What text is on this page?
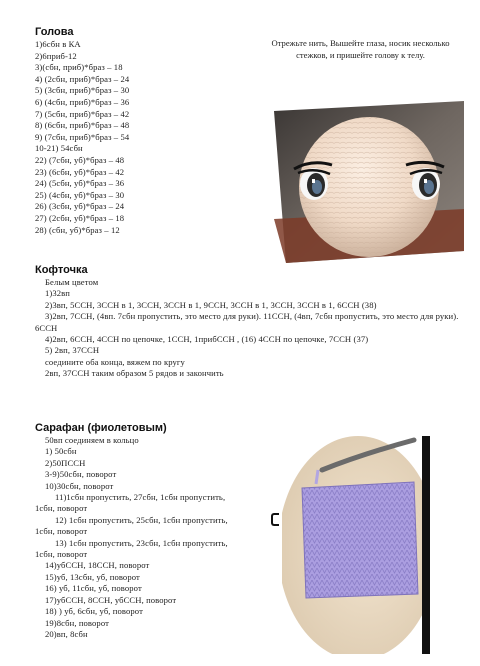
Голова
1)6сбн в КА
2)6приб-12
3)(сбн, приб)*браз – 18
4) (2сбн, приб)*браз – 24
5) (3сбн, приб)*браз – 30
6) (4сбн, приб)*браз – 36
7) (5сбн, приб)*браз – 42
8) (6сбн, приб)*браз – 48
9) (7сбн, приб)*браз – 54
10-21) 54сбн
22) (7сбн, уб)*браз – 48
23) (6сбн, уб)*браз – 42
24) (5сбн, уб)*браз – 36
25) (4сбн, уб)*браз – 30
26) (3сбн, уб)*браз – 24
27) (2сбн, уб)*браз – 18
28) (сбн, уб)*браз – 12
Отрежьте нить, Вышейте глаза, носик несколько стежков, и пришейте голову к телу.
Кофточка
Белым цветом
1)32вп
2)3вп, 5ССН, 3ССН в 1, 3ССН, 3ССН в 1, 9ССН, 3ССН в 1, 3ССН, 3ССН в 1, 6ССН (38)
3)2вп, 7ССН, (4вп. 7сбн пропустить, это место для руки). 11ССН, (4вп, 7сбн пропустить, это место для руки). 6ССН
4)2вп, 6ССН, 4ССН по цепочке, 1ССН, 1прибССН , (16) 4ССН по цепочке, 7ССН (37)
5) 2вп, 37ССН
соедините оба конца, вяжем по кругу
2вп, 37ССН таким образом 5 рядов и закончить
Сарафан (фиолетовым)
50вп соединяем в кольцо
1) 50сбн
2)50ПССН
3-9)50сбн, поворот
10)30сбн, поворот
11)1сбн пропустить, 27сбн, 1сбн пропустить, 1сбн, поворот
12) 1сбн пропустить, 25сбн, 1сбн пропустить, 1сбн, поворот
13) 1сбн пропустить, 23сбн, 1сбн пропустить, 1сбн, поворот
14)убССН, 18ССН, поворот
15)уб, 13сбн, уб, поворот
16) уб, 11сбн, уб, поворот
17)убССН, 8ССН, убССН, поворот
18) ) уб, 6сбн, уб, поворот
19)8сбн, поворот
20)вп, 8сбн
